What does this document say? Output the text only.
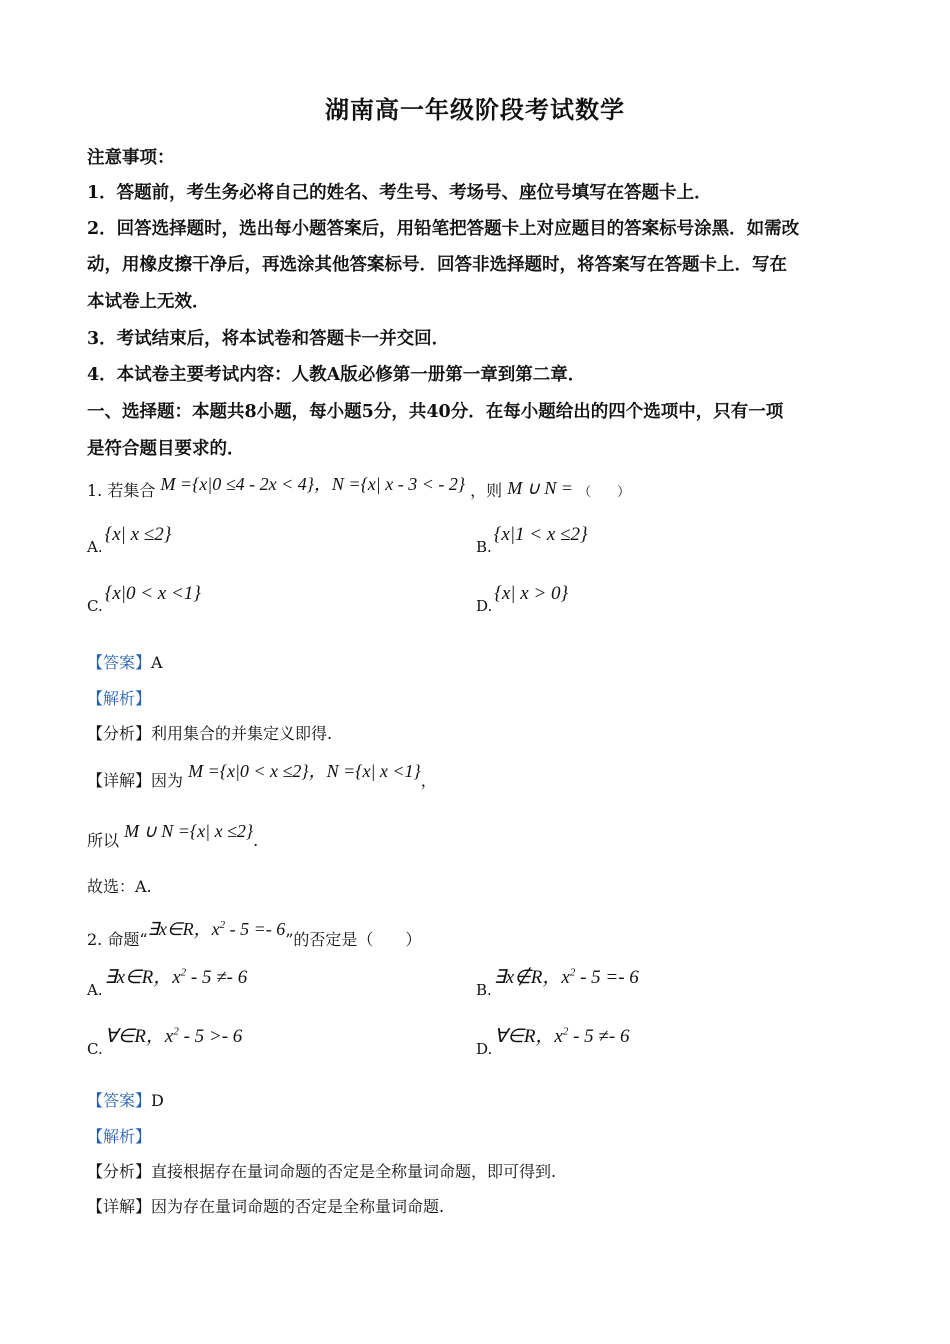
湖南高一年级阶段考试数学
注意事项：
1．答题前，考生务必将自己的姓名、考生号、考场号、座位号填写在答题卡上．
2．回答选择题时，选出每小题答案后，用铅笔把答题卡上对应题目的答案标号涂黑．如需改
动，用橡皮擦干净后，再选涂其他答案标号．回答非选择题时，将答案写在答题卡上．写在
本试卷上无效．
3．考试结束后，将本试卷和答题卡一并交回．
4．本试卷主要考试内容：人教A版必修第一册第一章到第二章．
一、选择题：本题共8小题，每小题5分，共40分．在每小题给出的四个选项中，只有一项
是符合题目要求的．
1. 若集合 M ={x|0 ≤4 - 2x < 4}，N ={x| x - 3 < - 2} ，则 M ∪ N = （　　）
A.{x| x ≤2}
B.{x|1 < x ≤2}
C.{x|0 < x <1}
D.{x| x > 0}
【答案】A
【解析】
【分析】利用集合的并集定义即得.
【详解】因为 M ={x|0 < x ≤2}，N ={x| x <1}，
所以 M ∪ N ={x| x ≤2}.
故选：A.
2. 命题“∃x∈R，$x^2 - 5 =- 6$”的否定是（　　）
A.∃x∈R，$x^2 - 5 \ne- 6$
B.∃x∉R，$x^2 - 5 =- 6$
C.∀∈R，$x^2 - 5 >- 6$
D.∀∈R，$x^2 - 5 \ne- 6$
【答案】D
【解析】
【分析】直接根据存在量词命题的否定是全称量词命题，即可得到.
【详解】因为存在量词命题的否定是全称量词命题.
